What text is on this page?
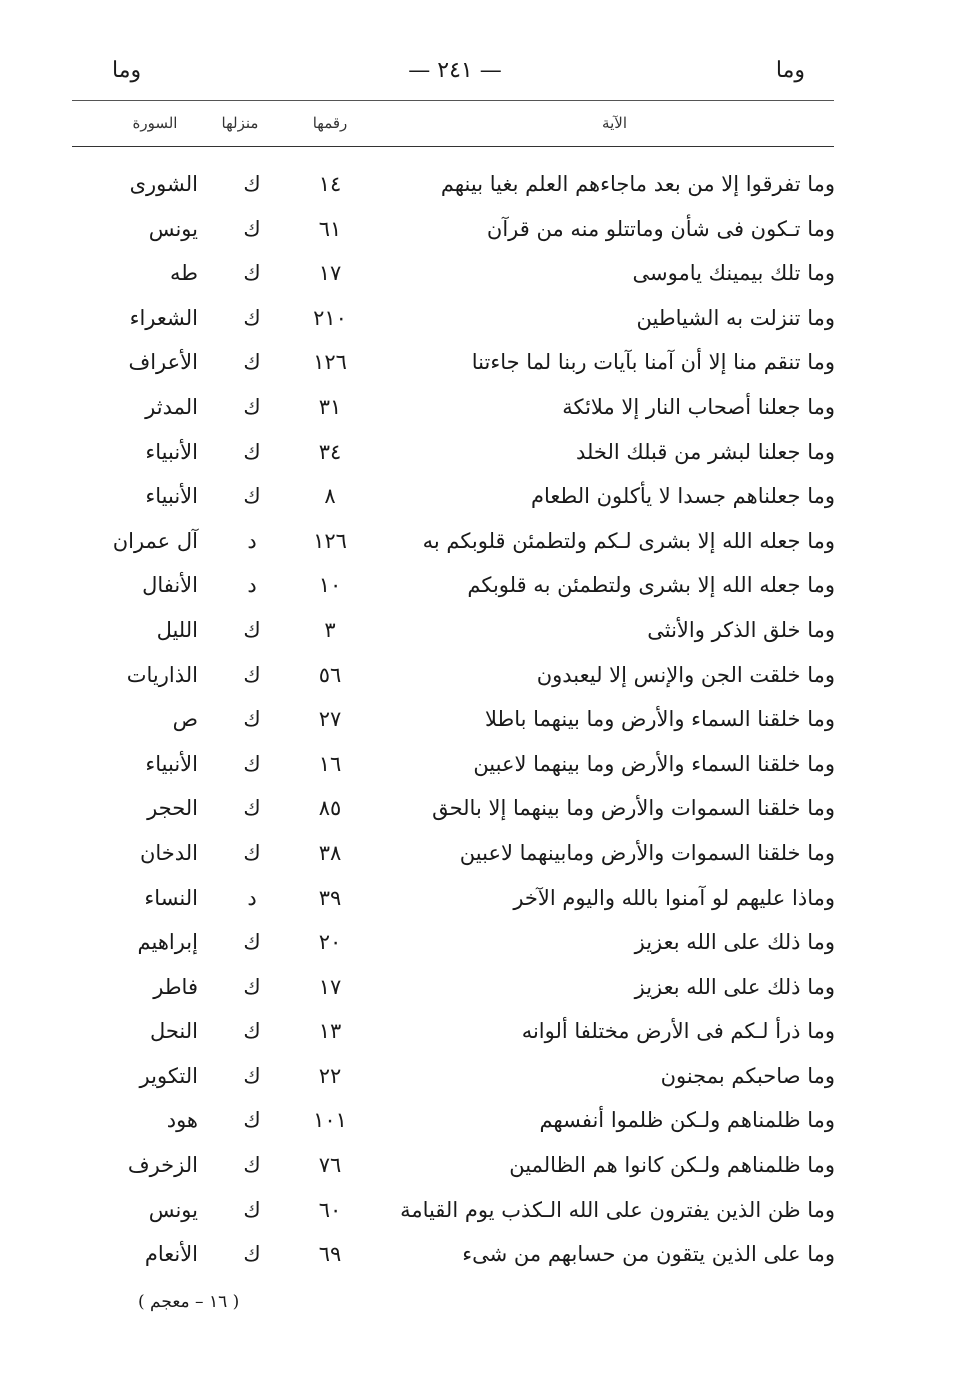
وما
— ٢٤١ —
وما
الآية
رقمها
منزلها
السورة
وما تفرقوا إلا من بعد ماجاءهم العلم بغيا بينهم
١٤
ك
الشورى
وما تـكون فى شأن وماتتلو منه من قرآن
٦١
ك
يونس
وما تلك بيمينك ياموسى
١٧
ك
طه
وما تنزلت به الشياطين
٢١٠
ك
الشعراء
وما تنقم منا إلا أن آمنا بآيات ربنا لما جاءتنا
١٢٦
ك
الأعراف
وما جعلنا أصحاب النار إلا ملائكة
٣١
ك
المدثر
وما جعلنا لبشر من قبلك الخلد
٣٤
ك
الأنبياء
وما جعلناهم جسدا لا يأكلون الطعام
٨
ك
الأنبياء
وما جعله الله إلا بشرى لـكم ولتطمئن قلوبكم به
١٢٦
د
آل عمران
وما جعله الله إلا بشرى ولتطمئن به قلوبكم
١٠
د
الأنفال
وما خلق الذكر والأنثى
٣
ك
الليل
وما خلقت الجن والإنس إلا ليعبدون
٥٦
ك
الذاريات
وما خلقنا السماء والأرض وما بينهما باطلا
٢٧
ك
ص
وما خلقنا السماء والأرض وما بينهما لاعبين
١٦
ك
الأنبياء
وما خلقنا السموات والأرض وما بينهما إلا بالحق
٨٥
ك
الحجر
وما خلقنا السموات والأرض ومابينهما لاعبين
٣٨
ك
الدخان
وماذا عليهم لو آمنوا بالله واليوم الآخر
٣٩
د
النساء
وما ذلك على الله بعزيز
٢٠
ك
إبراهيم
وما ذلك على الله بعزيز
١٧
ك
فاطر
وما ذرأ لـكم فى الأرض مختلفا ألوانه
١٣
ك
النحل
وما صاحبكم بمجنون
٢٢
ك
التكوير
وما ظلمناهم ولـكن ظلموا أنفسهم
١٠١
ك
هود
وما ظلمناهم ولـكن كانوا هم الظالمين
٧٦
ك
الزخرف
وما ظن الذين يفترون على الله الـكذب يوم القيامة
٦٠
ك
يونس
وما على الذين يتقون من حسابهم من شىء
٦٩
ك
الأنعام
( ١٦ – معجم )
